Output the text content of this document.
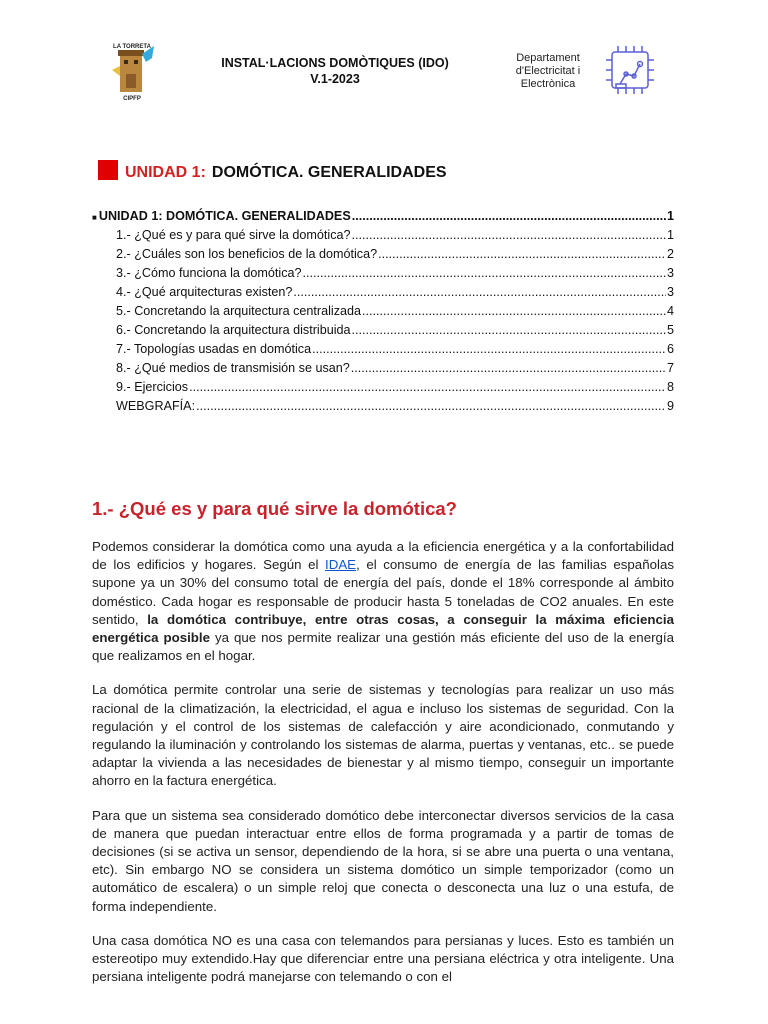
LA TORRETA
CIPFP
INSTAL·LACIONS DOMÒTIQUES (IDO)
V.1-2023
Departament
d'Electricitat i
Electrònica
UNIDAD 1: DOMÓTICA. GENERALIDADES
■ UNIDAD 1: DOMÓTICA. GENERALIDADES .....	1
1.- ¿Qué es y para qué sirve la domótica? .....	1
2.- ¿Cuáles son los beneficios de la domótica? .....	2
3.- ¿Cómo funciona la domótica? .....	3
4.- ¿Qué arquitecturas existen? .....	3
5.- Concretando la arquitectura centralizada .....	4
6.- Concretando la arquitectura distribuida .....	5
7.- Topologías usadas en domótica .....	6
8.- ¿Qué medios de transmisión se usan? .....	7
9.- Ejercicios .....	8
WEBGRAFÍA: .....	9
1.- ¿Qué es y para qué sirve la domótica?

Podemos considerar la domótica como una ayuda a la eficiencia energética y a la confortabilidad de los edificios y hogares. Según el IDAE, el consumo de energía de las familias españolas supone ya un 30% del consumo total de energía del país, donde el 18% corresponde al ámbito doméstico. Cada hogar es responsable de producir hasta 5 toneladas de CO2 anuales. En este sentido, la domótica contribuye, entre otras cosas, a conseguir la máxima eficiencia energética posible ya que nos permite realizar una gestión más eficiente del uso de la energía que realizamos en el hogar.

La domótica permite controlar una serie de sistemas y tecnologías para realizar un uso más racional de la climatización, la electricidad, el agua e incluso los sistemas de seguridad. Con la regulación y el control de los sistemas de calefacción y aire acondicionado, conmutando y regulando la iluminación y controlando los sistemas de alarma, puertas y ventanas, etc.. se puede adaptar la vivienda a las necesidades de bienestar y al mismo tiempo, conseguir un importante ahorro en la factura energética.

Para que un sistema sea considerado domótico debe interconectar diversos servicios de la casa de manera que puedan interactuar entre ellos de forma programada y a partir de tomas de decisiones (si se activa un sensor, dependiendo de la hora, si se abre una puerta o una ventana, etc). Sin embargo NO se considera un sistema domótico un simple temporizador (como un automático de escalera) o un simple reloj que conecta o desconecta una luz o una estufa, de forma independiente.

Una casa domótica NO es una casa con telemandos para persianas y luces. Esto es también un estereotipo muy extendido.Hay que diferenciar entre una persiana eléctrica y otra inteligente. Una persiana inteligente podrá manejarse con telemando o con el
